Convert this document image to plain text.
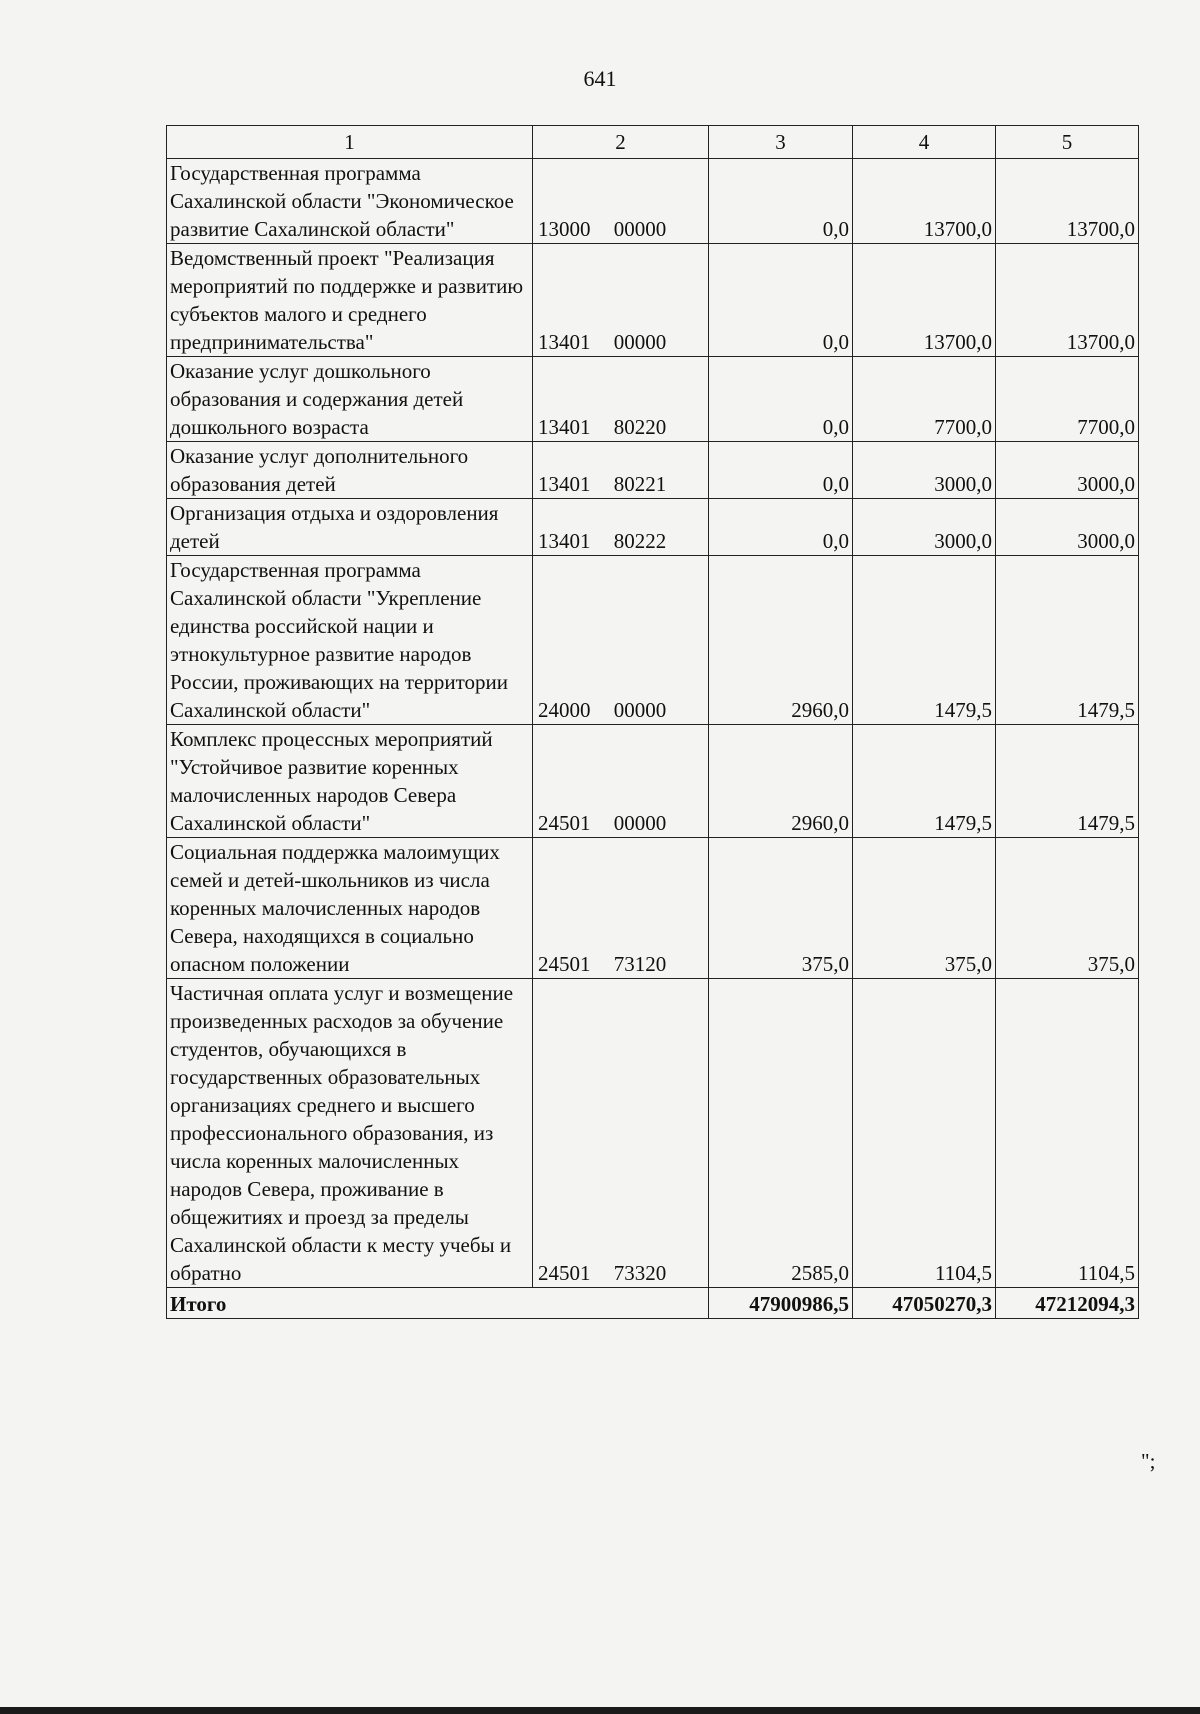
641
1	2	3	4	5
Государственная программа Сахалинской области "Экономическое развитие Сахалинской области"	13000 00000	0,0	13700,0	13700,0
Ведомственный проект "Реализация мероприятий по поддержке и развитию субъектов малого и среднего предпринимательства"	13401 00000	0,0	13700,0	13700,0
Оказание услуг дошкольного образования и содержания детей дошкольного возраста	13401 80220	0,0	7700,0	7700,0
Оказание услуг дополнительного образования детей	13401 80221	0,0	3000,0	3000,0
Организация отдыха и оздоровления детей	13401 80222	0,0	3000,0	3000,0
Государственная программа Сахалинской области "Укрепление единства российской нации и этнокультурное развитие народов России, проживающих на территории Сахалинской области"	24000 00000	2960,0	1479,5	1479,5
Комплекс процессных мероприятий "Устойчивое развитие коренных малочисленных народов Севера Сахалинской области"	24501 00000	2960,0	1479,5	1479,5
Социальная поддержка малоимущих семей и детей-школьников из числа коренных малочисленных народов Севера, находящихся в социально опасном положении	24501 73120	375,0	375,0	375,0
Частичная оплата услуг и возмещение произведенных расходов за обучение студентов, обучающихся в государственных образовательных организациях среднего и высшего профессионального образования, из числа коренных малочисленных народов Севера, проживание в общежитиях и проезд за пределы Сахалинской области к месту учебы и обратно	24501 73320	2585,0	1104,5	1104,5
Итого		47900986,5	47050270,3	47212094,3
";
